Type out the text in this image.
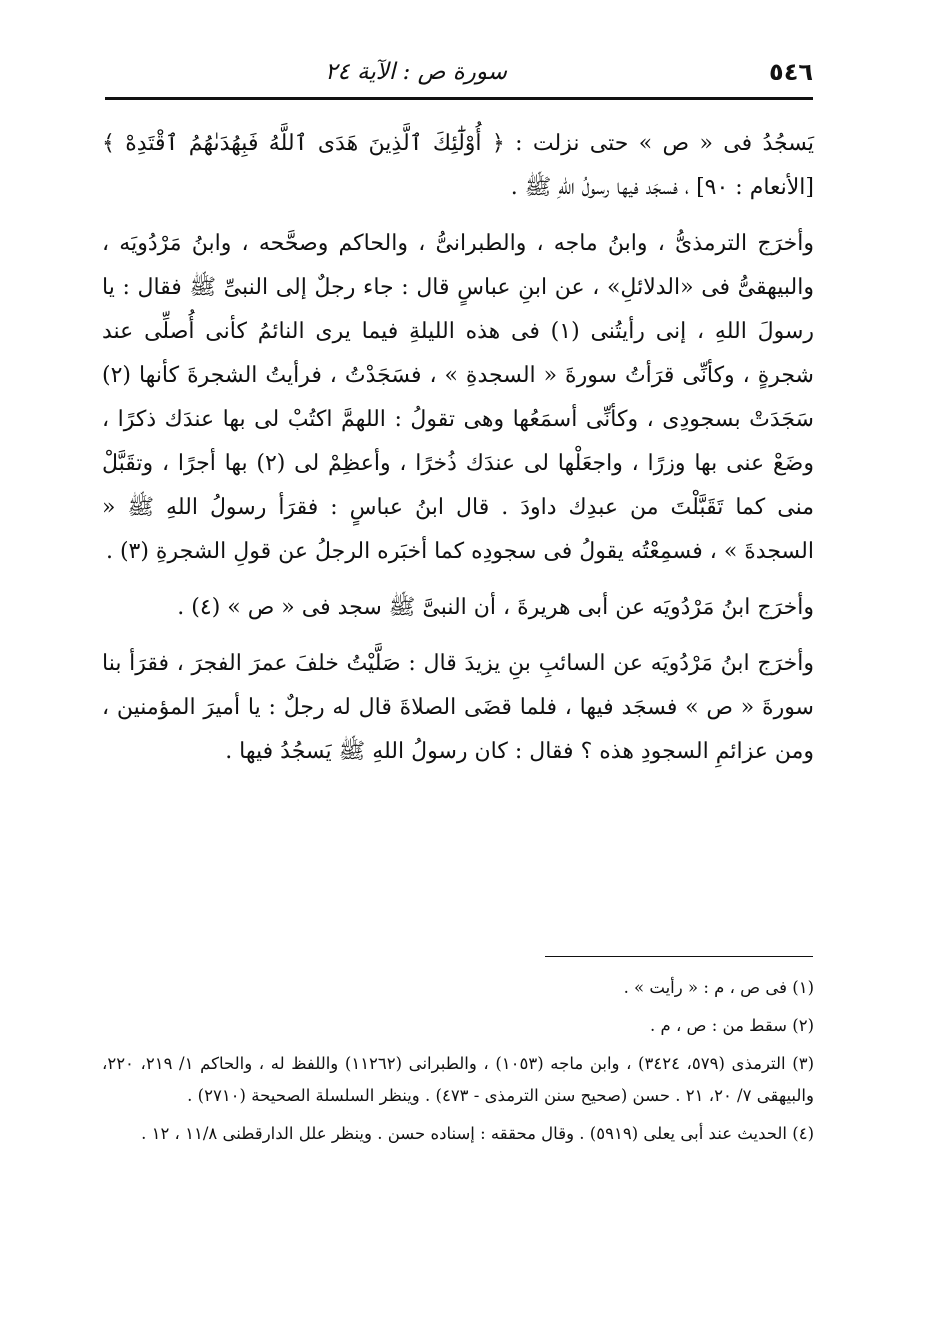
٥٤٦
سورة ص : الآية ٢٤

يَسجُدُ فى « ص » حتى نزلت : ﴿ أُوْلَٰٓئِكَ ٱلَّذِينَ هَدَى ٱللَّهُ فَبِهُدَىٰهُمُ ٱقْتَدِهْ ﴾ [الأنعام : ٩٠] ، فسجَد فيها رسولُ اللهِ ﷺ .

وأخرَج الترمذىُّ ، وابنُ ماجه ، والطبرانىُّ ، والحاكم وصحَّحه ، وابنُ مَرْدُويَه ، والبيهقىُّ فى «الدلائلِ» ، عن ابنِ عباسٍ قال : جاء رجلٌ إلى النبىِّ ﷺ فقال : يا رسولَ اللهِ ، إنى رأيتُنى (١) فى هذه الليلةِ فيما يرى النائمُ كأنى أُصلِّى عند شجرةٍ ، وكأنِّى قرَأتُ سورةَ « السجدةِ » ، فسَجَدْتُ ، فرأيتُ الشجرةَ كأنها (٢) سَجَدَتْ بسجودِى ، وكأنِّى أسمَعُها وهى تقولُ : اللهمَّ اكتُبْ لى بها عندَك ذكرًا ، وضَعْ عنى بها وزرًا ، واجعَلْها لى عندَك ذُخرًا ، وأعظِمْ لى (٢) بها أجرًا ، وتقَبَّلْ منى كما تَقَبَّلْتَ من عبدِك داودَ . قال ابنُ عباسٍ : فقرَأ رسولُ اللهِ ﷺ « السجدةَ » ، فسمِعْتُه يقولُ فى سجودِه كما أخبَره الرجلُ عن قولِ الشجرةِ (٣) .

وأخرَج ابنُ مَرْدُويَه عن أبى هريرةَ ، أن النبىَّ ﷺ سجد فى « ص » (٤) .

وأخرَج ابنُ مَرْدُويَه عن السائبِ بنِ يزيدَ قال : صَلَّيْتُ خلفَ عمرَ الفجرَ ، فقرَأ بنا سورةَ « ص » فسجَد فيها ، فلما قضَى الصلاةَ قال له رجلٌ : يا أميرَ المؤمنين ، ومن عزائمِ السجودِ هذه ؟ فقال : كان رسولُ اللهِ ﷺ يَسجُدُ فيها .

(١) فى ص ، م : « رأيت » .

(٢) سقط من : ص ، م .

(٣) الترمذى (٥٧٩، ٣٤٢٤) ، وابن ماجه (١٠٥٣) ، والطبرانى (١١٢٦٢) واللفظ له ، والحاكم ١/ ٢١٩، ٢٢٠، والبيهقى ٧/ ٢٠، ٢١ . حسن (صحيح سنن الترمذى - ٤٧٣) . وينظر السلسلة الصحيحة (٢٧١٠) .

(٤) الحديث عند أبى يعلى (٥٩١٩) . وقال محققه : إسناده حسن . وينظر علل الدارقطنى ١١/٨ ، ١٢ .
